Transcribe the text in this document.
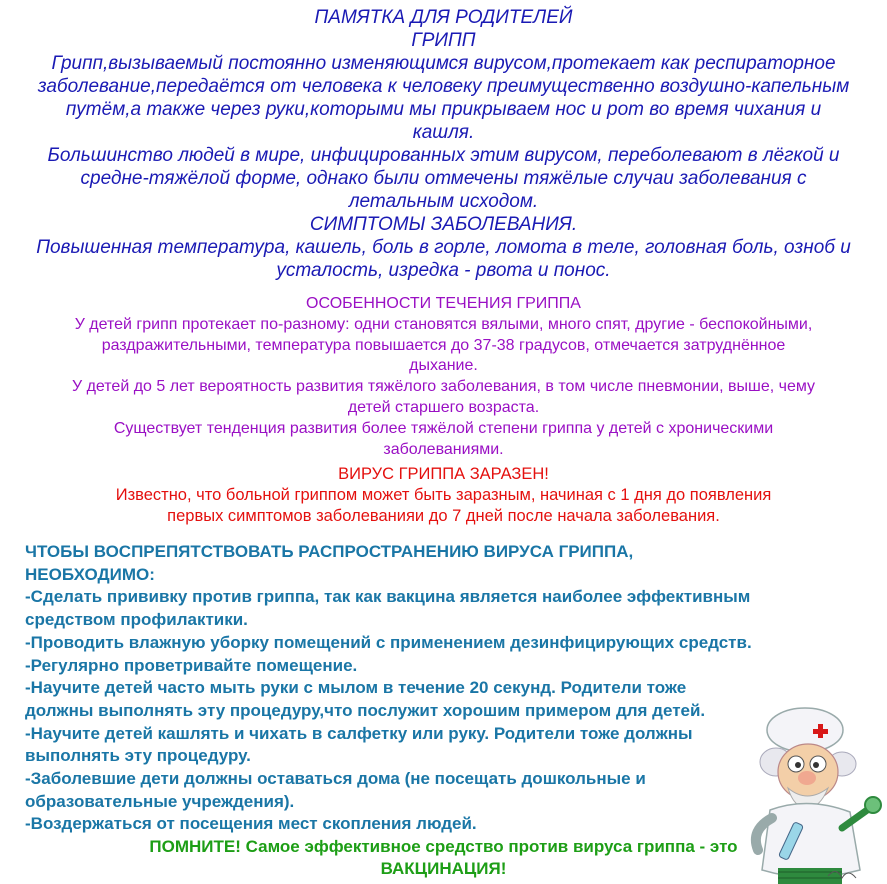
ПАМЯТКА ДЛЯ РОДИТЕЛЕЙ
ГРИПП
Грипп,вызываемый постоянно изменяющимся вирусом,протекает как респираторное
заболевание,передаётся от человека к человеку преимущественно воздушно-капельным
путём,а также через руки,которыми мы прикрываем нос и рот во время чихания и
кашля.
Большинство людей в мире, инфицированных этим вирусом, переболевают в лёгкой и
средне-тяжёлой форме, однако были отмечены тяжёлые случаи заболевания с
летальным исходом.
СИМПТОМЫ ЗАБОЛЕВАНИЯ.
Повышенная температура, кашель, боль в горле, ломота в теле, головная боль, озноб и
усталость, изредка - рвота и понос.
ОСОБЕННОСТИ ТЕЧЕНИЯ ГРИППА
У детей грипп протекает по-разному: одни становятся вялыми, много спят, другие - беспокойными,
раздражительными, температура повышается до 37-38 градусов, отмечается затруднённое
дыхание.
У детей до 5 лет вероятность развития тяжёлого заболевания, в том числе пневмонии, выше, чему
детей старшего возраста.
Существует тенденция развития более тяжёлой степени гриппа у детей с хроническими
заболеваниями.
ВИРУС ГРИППА ЗАРАЗЕН!
Известно, что больной гриппом может быть заразным, начиная с 1 дня до появления
первых симптомов заболеванияи до 7 дней после начала заболевания.
ЧТОБЫ ВОСПРЕПЯТСТВОВАТЬ РАСПРОСТРАНЕНИЮ ВИРУСА ГРИППА,
НЕОБХОДИМО:
-Сделать прививку против гриппа, так как вакцина является наиболее эффективным
средством профилактики.
-Проводить влажную уборку помещений с применением дезинфицирующих средств.
-Регулярно проветривайте помещение.
-Научите детей часто мыть руки с мылом в течение 20 секунд. Родители тоже
должны выполнять эту процедуру,что послужит хорошим примером для детей.
-Научите детей кашлять и чихать в салфетку или руку. Родители тоже должны
выполнять эту процедуру.
-Заболевшие дети должны оставаться дома (не посещать дошкольные и
образовательные учреждения).
-Воздержаться от посещения мест скопления людей.
ПОМНИТЕ! Самое эффективное средство против вируса гриппа - это
ВАКЦИНАЦИЯ!
